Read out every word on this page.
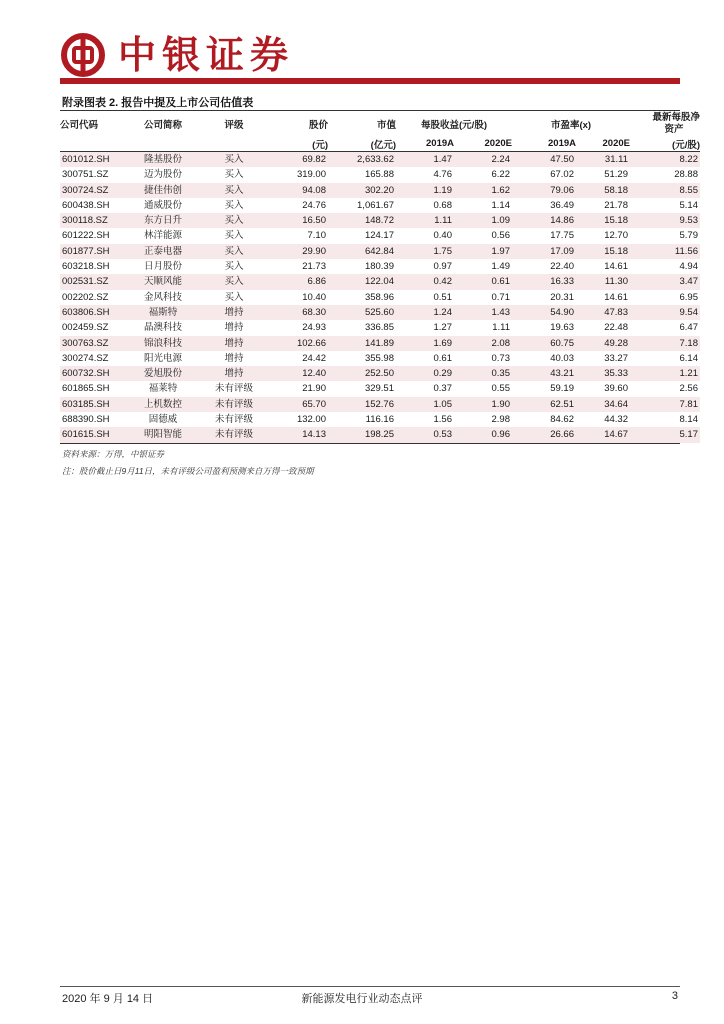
中银证券
附录图表 2. 报告中提及上市公司估值表
公司代码	公司简称	评级	股价	市值	每股收益(元/股)		市盈率(x)		最新每股净
资产

			(元)	(亿元)	2019A	2020E	2019A	2020E	(元/股)
601012.SH	隆基股份	买入	69.82	2,633.62	1.47	2.24	47.50	31.11	8.22
300751.SZ	迈为股份	买入	319.00	165.88	4.76	6.22	67.02	51.29	28.88
300724.SZ	捷佳伟创	买入	94.08	302.20	1.19	1.62	79.06	58.18	8.55
600438.SH	通威股份	买入	24.76	1,061.67	0.68	1.14	36.49	21.78	5.14
300118.SZ	东方日升	买入	16.50	148.72	1.11	1.09	14.86	15.18	9.53
601222.SH	林洋能源	买入	7.10	124.17	0.40	0.56	17.75	12.70	5.79
601877.SH	正泰电器	买入	29.90	642.84	1.75	1.97	17.09	15.18	11.56
603218.SH	日月股份	买入	21.73	180.39	0.97	1.49	22.40	14.61	4.94
002531.SZ	天顺风能	买入	6.86	122.04	0.42	0.61	16.33	11.30	3.47
002202.SZ	金风科技	买入	10.40	358.96	0.51	0.71	20.31	14.61	6.95
603806.SH	福斯特	增持	68.30	525.60	1.24	1.43	54.90	47.83	9.54
002459.SZ	晶澳科技	增持	24.93	336.85	1.27	1.11	19.63	22.48	6.47
300763.SZ	锦浪科技	增持	102.66	141.89	1.69	2.08	60.75	49.28	7.18
300274.SZ	阳光电源	增持	24.42	355.98	0.61	0.73	40.03	33.27	6.14
600732.SH	爱旭股份	增持	12.40	252.50	0.29	0.35	43.21	35.33	1.21
601865.SH	福莱特	未有评级	21.90	329.51	0.37	0.55	59.19	39.60	2.56
603185.SH	上机数控	未有评级	65.70	152.76	1.05	1.90	62.51	34.64	7.81
688390.SH	固德威	未有评级	132.00	116.16	1.56	2.98	84.62	44.32	8.14
601615.SH	明阳智能	未有评级	14.13	198.25	0.53	0.96	26.66	14.67	5.17
资料来源：万得，中银证券
注：股价截止日9月11日，未有评级公司盈利预测来自万得一致预期
2020 年 9 月 14 日	新能源发电行业动态点评	3
